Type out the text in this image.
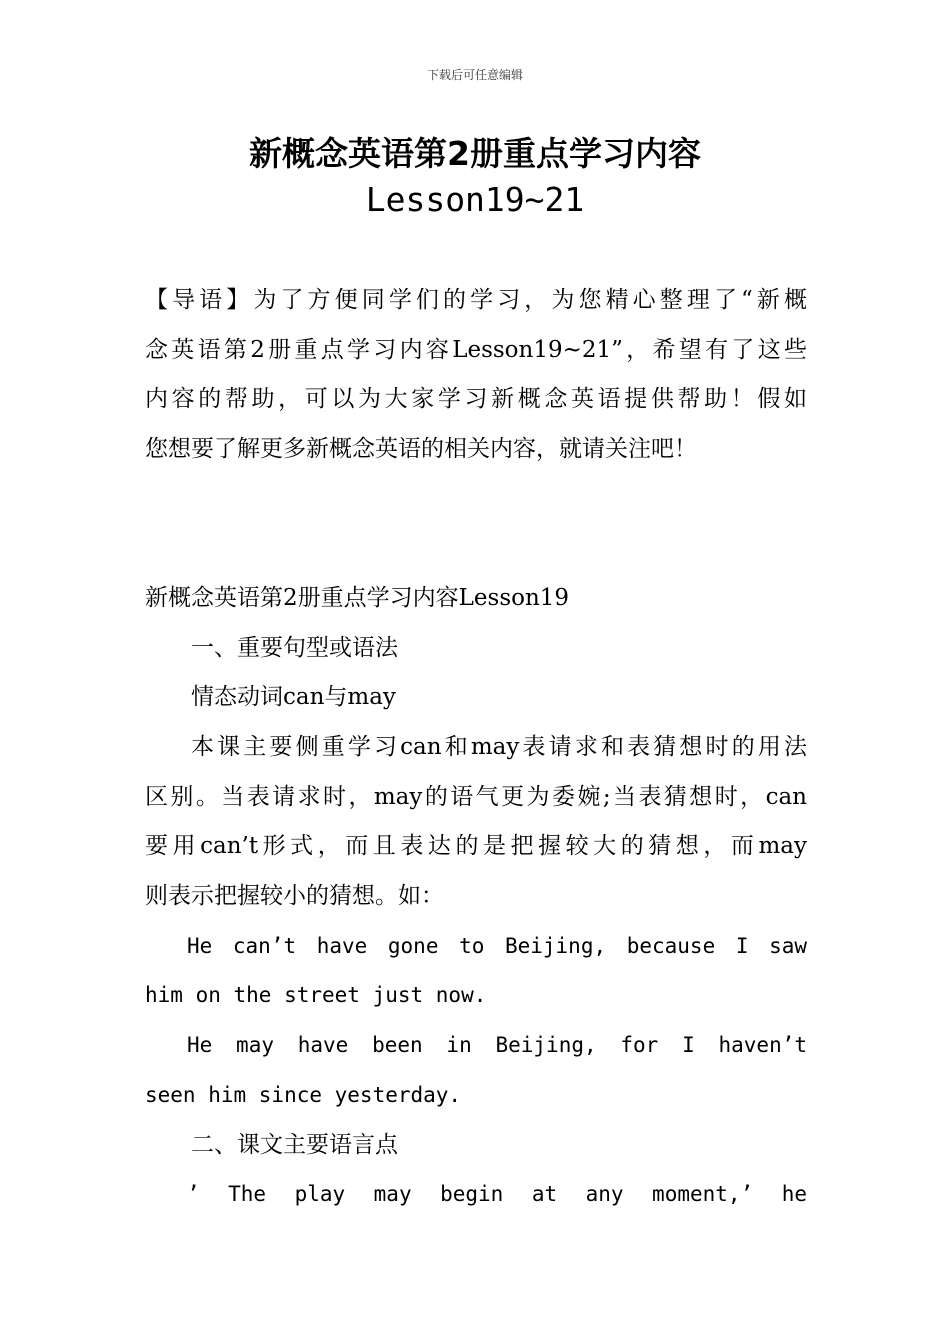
下载后可任意编辑
新概念英语第2册重点学习内容
Lesson19~21

【导语】为了方便同学们的学习，为您精心整理了“新概

念英语第2册重点学习内容Lesson19~21”，希望有了这些

内容的帮助，可以为大家学习新概念英语提供帮助！假如

您想要了解更多新概念英语的相关内容，就请关注吧！

新概念英语第2册重点学习内容Lesson19

一、重要句型或语法

情态动词can与may

本课主要侧重学习can和may表请求和表猜想时的用法

区别。当表请求时，may的语气更为委婉;当表猜想时，can

要用can’t形式，而且表达的是把握较大的猜想，而may

则表示把握较小的猜想。如：

He can’t have gone to Beijing, because I saw

him on the street just now.

He may have been in Beijing, for I haven’t

seen him since yesterday.

二、课文主要语言点

’ The play may begin at any moment,’ he
